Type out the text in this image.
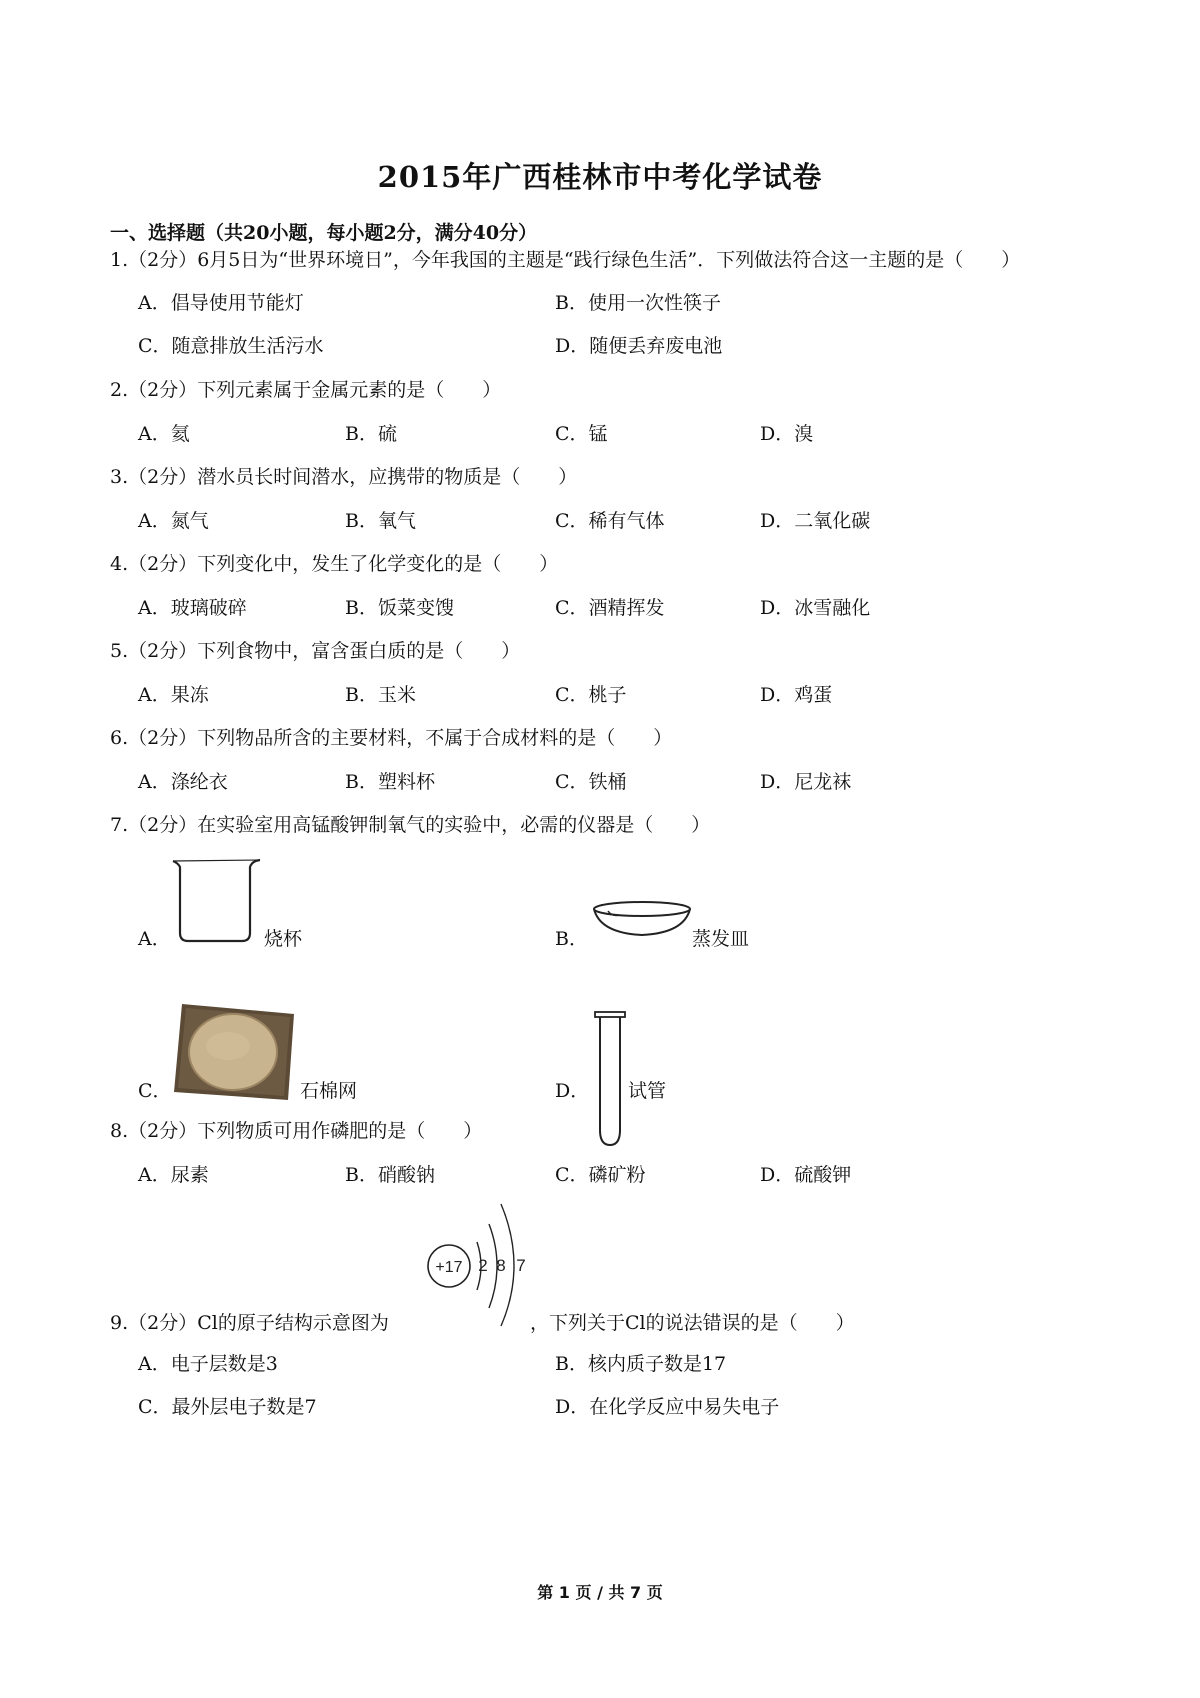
2015年广西桂林市中考化学试卷
一、选择题（共20小题，每小题2分，满分40分）
1.（2分）6月5日为“世界环境日”，今年我国的主题是“践行绿色生活”．下列做法符合这一主题的是（　　）
A．倡导使用节能灯	B．使用一次性筷子
C．随意排放生活污水	D．随便丢弃废电池
2.（2分）下列元素属于金属元素的是（　　）
A．氦	B．硫	C．锰	D．溴
3.（2分）潜水员长时间潜水，应携带的物质是（　　）
A．氮气	B．氧气	C．稀有气体	D．二氧化碳
4.（2分）下列变化中，发生了化学变化的是（　　）
A．玻璃破碎	B．饭菜变馊	C．酒精挥发	D．冰雪融化
5.（2分）下列食物中，富含蛋白质的是（　　）
A．果冻	B．玉米	C．桃子	D．鸡蛋
6.（2分）下列物品所含的主要材料，不属于合成材料的是（　　）
A．涤纶衣	B．塑料杯	C．铁桶	D．尼龙袜
7.（2分）在实验室用高锰酸钾制氧气的实验中，必需的仪器是（　　）
A．	烧杯	B．	蒸发皿
C．	石棉网	D． 试管
8.（2分）下列物质可用作磷肥的是（　　）
A．尿素	B．硝酸钠	C．磷矿粉	D．硫酸钾
9.（2分）Cl的原子结构示意图为
+17 2 8 7
，下列关于Cl的说法错误的是（　　）
A．电子层数是3	B．核内质子数是17
C．最外层电子数是7	D．在化学反应中易失电子
第 1 页 / 共 7 页
